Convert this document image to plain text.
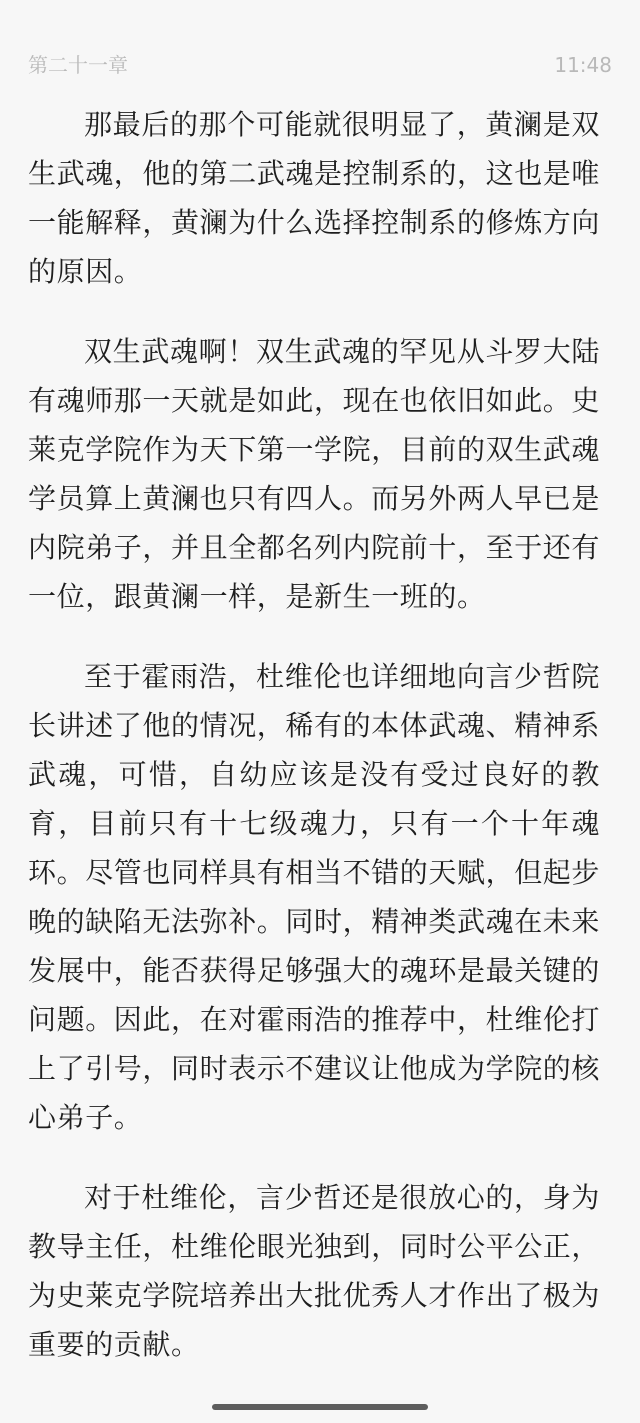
第二十一章	11:48

那最后的那个可能就很明显了，黄澜是双生武魂，他的第二武魂是控制系的，这也是唯一能解释，黄澜为什么选择控制系的修炼方向的原因。

双生武魂啊！双生武魂的罕见从斗罗大陆有魂师那一天就是如此，现在也依旧如此。史莱克学院作为天下第一学院，目前的双生武魂学员算上黄澜也只有四人。而另外两人早已是内院弟子，并且全都名列内院前十，至于还有一位，跟黄澜一样，是新生一班的。

至于霍雨浩，杜维伦也详细地向言少哲院长讲述了他的情况，稀有的本体武魂、精神系武魂，可惜，自幼应该是没有受过良好的教育，目前只有十七级魂力，只有一个十年魂环。尽管也同样具有相当不错的天赋，但起步晚的缺陷无法弥补。同时，精神类武魂在未来发展中，能否获得足够强大的魂环是最关键的问题。因此，在对霍雨浩的推荐中，杜维伦打上了引号，同时表示不建议让他成为学院的核心弟子。

对于杜维伦，言少哲还是很放心的，身为教导主任，杜维伦眼光独到，同时公平公正，为史莱克学院培养出大批优秀人才作出了极为重要的贡献。
